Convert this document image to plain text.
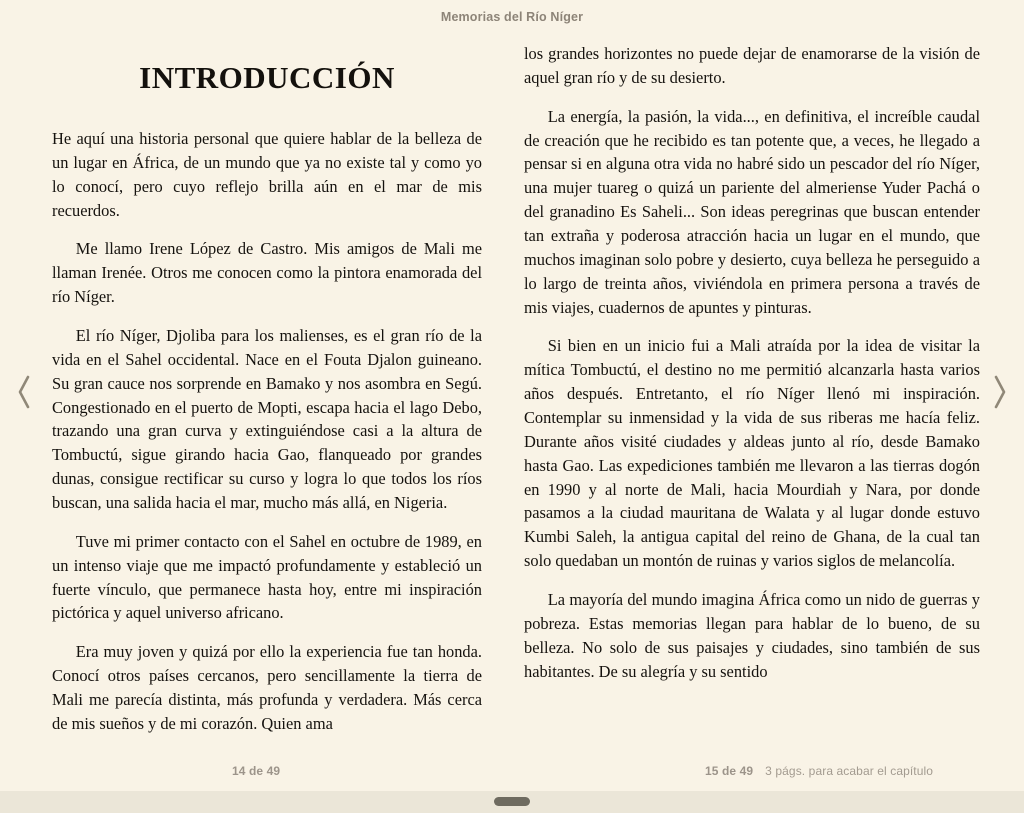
Memorias del Río Níger
INTRODUCCIÓN

He aquí una historia personal que quiere hablar de la belleza de un lugar en África, de un mundo que ya no existe tal y como yo lo conocí, pero cuyo reflejo brilla aún en el mar de mis recuerdos.

Me llamo Irene López de Castro. Mis amigos de Mali me llaman Irenée. Otros me conocen como la pintora enamorada del río Níger.

El río Níger, Djoliba para los malienses, es el gran río de la vida en el Sahel occidental. Nace en el Fouta Djalon guineano. Su gran cauce nos sorprende en Bamako y nos asombra en Segú. Congestionado en el puerto de Mopti, escapa hacia el lago Debo, trazando una gran curva y extinguiéndose casi a la altura de Tombuctú, sigue girando hacia Gao, flanqueado por grandes dunas, consigue rectificar su curso y logra lo que todos los ríos buscan, una salida hacia el mar, mucho más allá, en Nigeria.

Tuve mi primer contacto con el Sahel en octubre de 1989, en un intenso viaje que me impactó profundamente y estableció un fuerte vínculo, que permanece hasta hoy, entre mi inspiración pictórica y aquel universo africano.

Era muy joven y quizá por ello la experiencia fue tan honda. Conocí otros países cercanos, pero sencillamente la tierra de Mali me parecía distinta, más profunda y verdadera. Más cerca de mis sueños y de mi corazón. Quien ama

los grandes horizontes no puede dejar de enamorarse de la visión de aquel gran río y de su desierto.

La energía, la pasión, la vida..., en definitiva, el increíble caudal de creación que he recibido es tan potente que, a veces, he llegado a pensar si en alguna otra vida no habré sido un pescador del río Níger, una mujer tuareg o quizá un pariente del almeriense Yuder Pachá o del granadino Es Saheli... Son ideas peregrinas que buscan entender tan extraña y poderosa atracción hacia un lugar en el mundo, que muchos imaginan solo pobre y desierto, cuya belleza he perseguido a lo largo de treinta años, viviéndola en primera persona a través de mis viajes, cuadernos de apuntes y pinturas.

Si bien en un inicio fui a Mali atraída por la idea de visitar la mítica Tombuctú, el destino no me permitió alcanzarla hasta varios años después. Entretanto, el río Níger llenó mi inspiración. Contemplar su inmensidad y la vida de sus riberas me hacía feliz. Durante años visité ciudades y aldeas junto al río, desde Bamako hasta Gao. Las expediciones también me llevaron a las tierras dogón en 1990 y al norte de Mali, hacia Mourdiah y Nara, por donde pasamos a la ciudad mauritana de Walata y al lugar donde estuvo Kumbi Saleh, la antigua capital del reino de Ghana, de la cual tan solo quedaban un montón de ruinas y varios siglos de melancolía.

La mayoría del mundo imagina África como un nido de guerras y pobreza. Estas memorias llegan para hablar de lo bueno, de su belleza. No solo de sus paisajes y ciudades, sino también de sus habitantes. De su alegría y su sentido

14 de 49	15 de 49 3 págs. para acabar el capítulo
